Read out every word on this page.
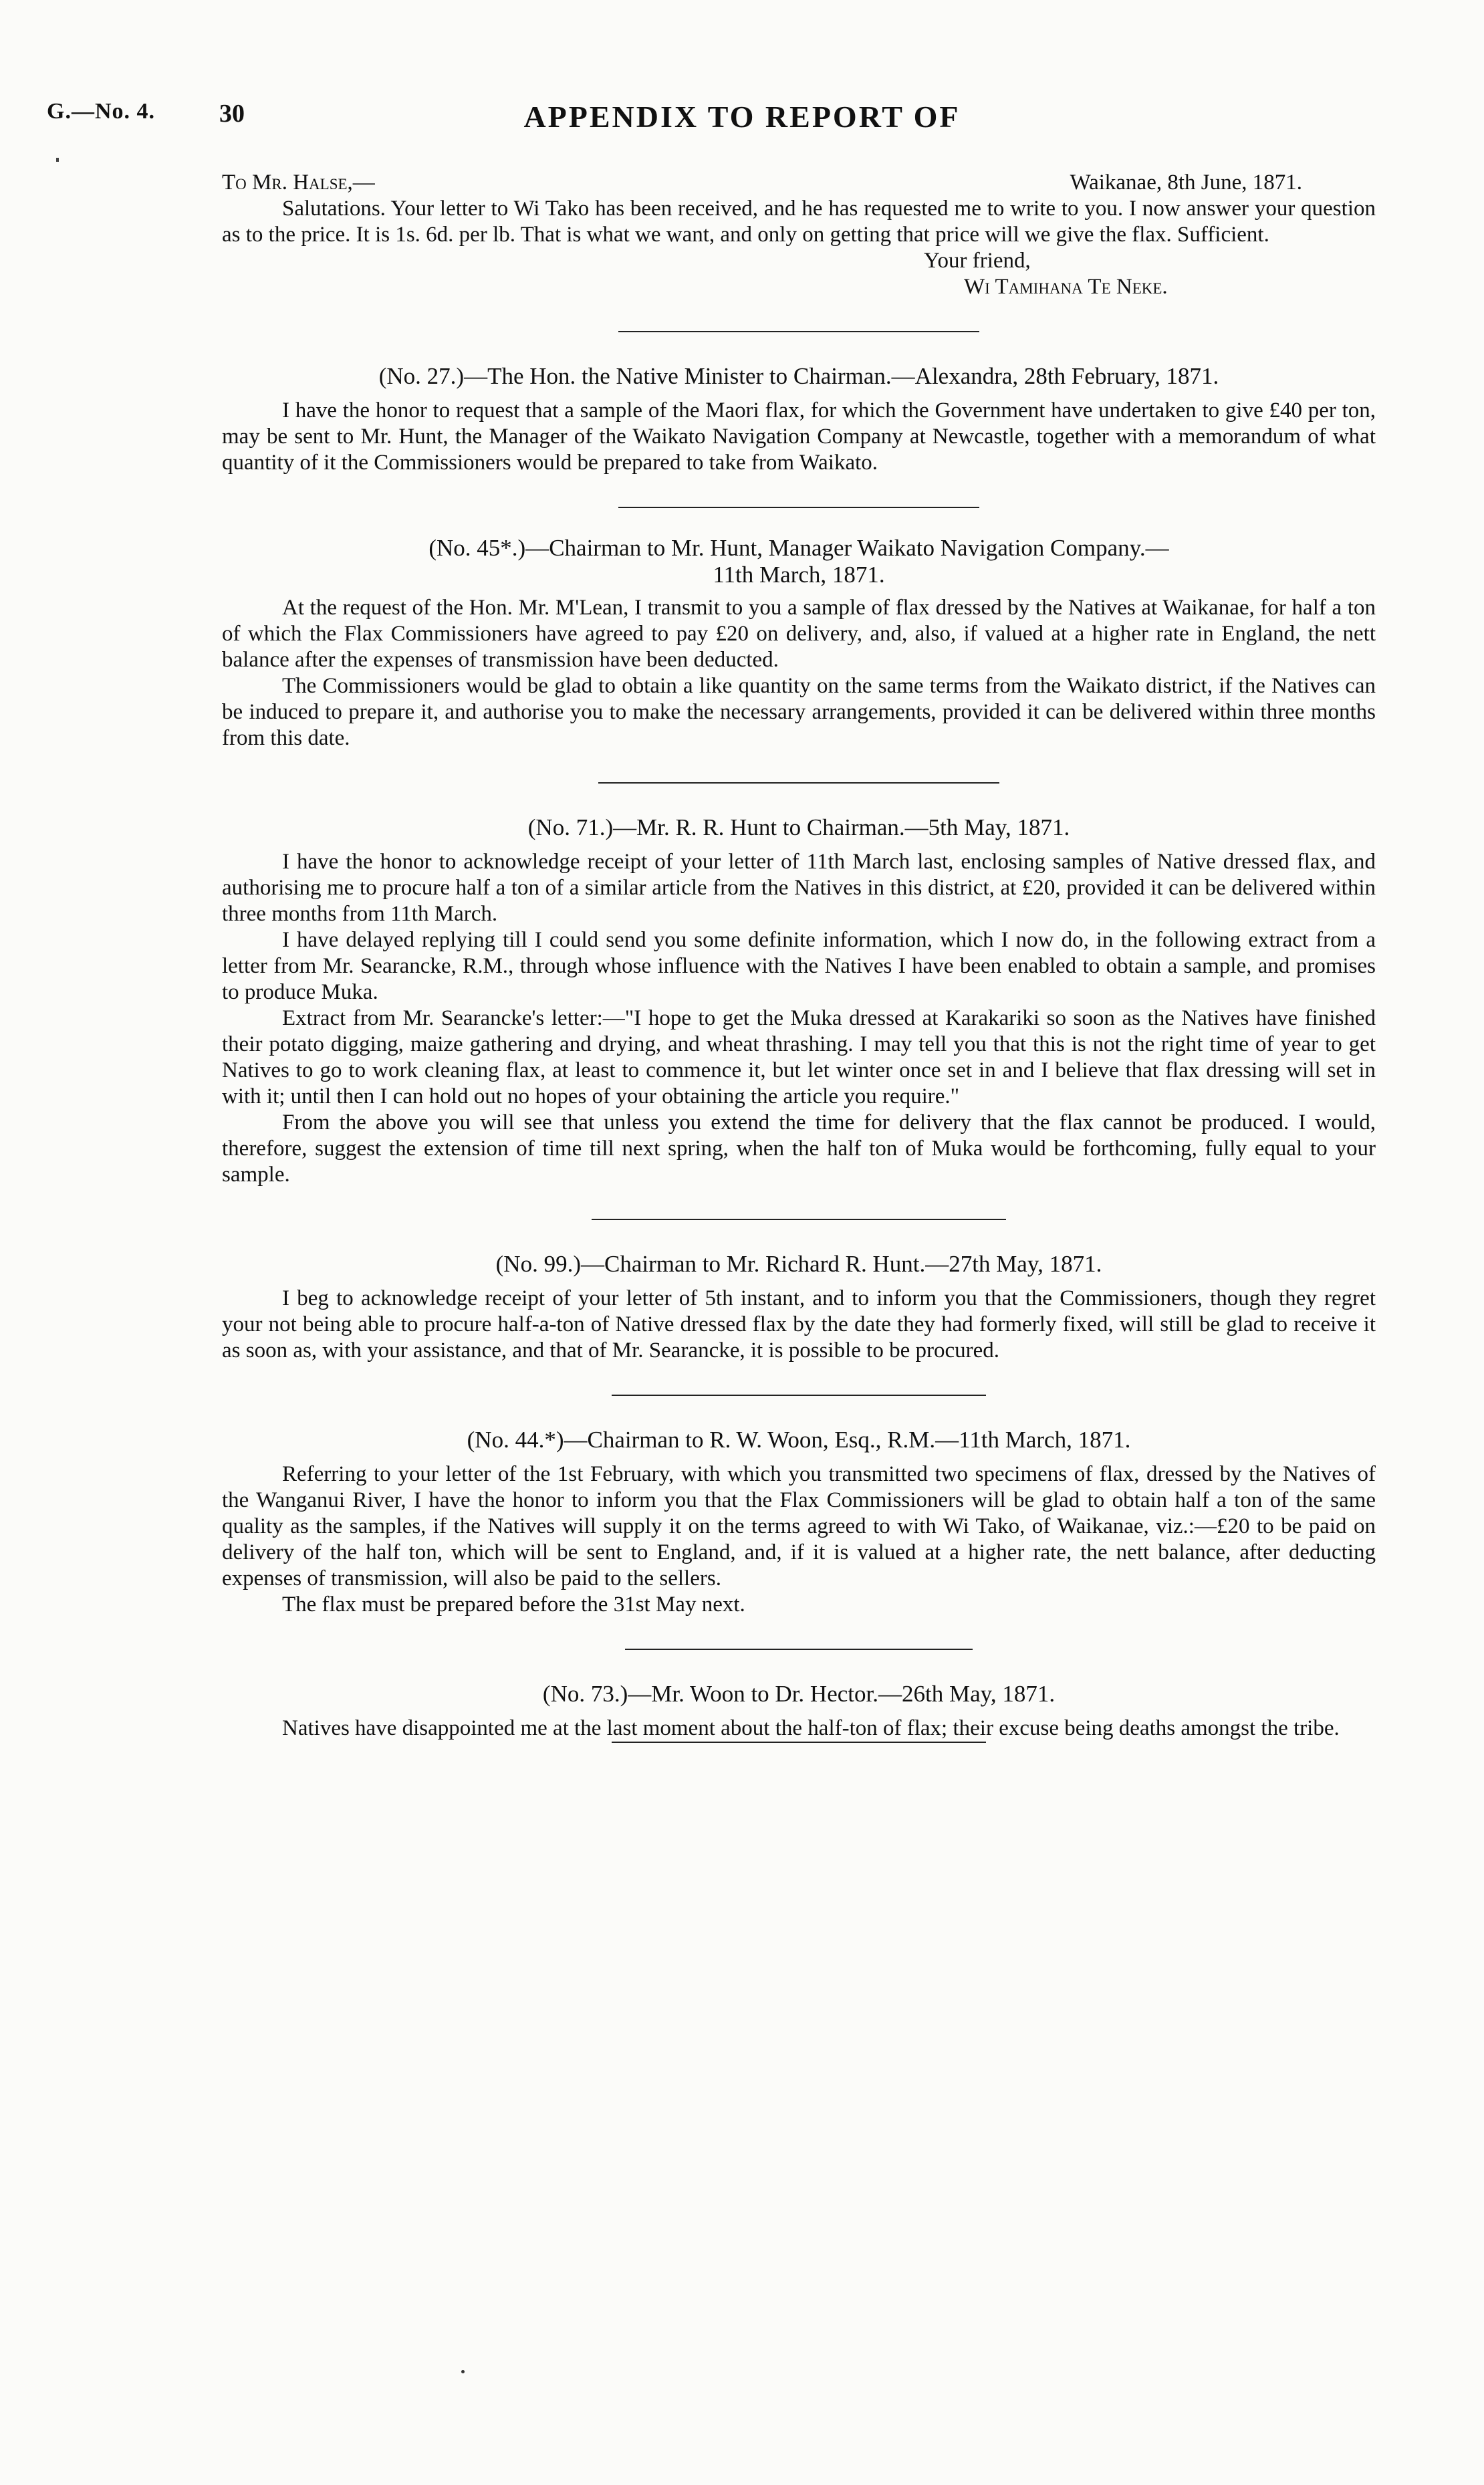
G.—No. 4.	30	APPENDIX TO REPORT OF
To Mr. Halse,—	Waikanae, 8th June, 1871.

Salutations. Your letter to Wi Tako has been received, and he has requested me to write to you. I now answer your question as to the price. It is 1s. 6d. per lb. That is what we want, and only on getting that price will we give the flax. Sufficient.

Your friend,
Wi Tamihana Te Neke.
(No. 27.)—The Hon. the Native Minister to Chairman.—Alexandra, 28th February, 1871.

I have the honor to request that a sample of the Maori flax, for which the Government have undertaken to give £40 per ton, may be sent to Mr. Hunt, the Manager of the Waikato Navigation Company at Newcastle, together with a memorandum of what quantity of it the Commissioners would be prepared to take from Waikato.

(No. 45*.)—Chairman to Mr. Hunt, Manager Waikato Navigation Company.—
11th March, 1871.

At the request of the Hon. Mr. M'Lean, I transmit to you a sample of flax dressed by the Natives at Waikanae, for half a ton of which the Flax Commissioners have agreed to pay £20 on delivery, and, also, if valued at a higher rate in England, the nett balance after the expenses of transmission have been deducted.

The Commissioners would be glad to obtain a like quantity on the same terms from the Waikato district, if the Natives can be induced to prepare it, and authorise you to make the necessary arrangements, provided it can be delivered within three months from this date.

(No. 71.)—Mr. R. R. Hunt to Chairman.—5th May, 1871.

I have the honor to acknowledge receipt of your letter of 11th March last, enclosing samples of Native dressed flax, and authorising me to procure half a ton of a similar article from the Natives in this district, at £20, provided it can be delivered within three months from 11th March.

I have delayed replying till I could send you some definite information, which I now do, in the following extract from a letter from Mr. Searancke, R.M., through whose influence with the Natives I have been enabled to obtain a sample, and promises to produce Muka.

Extract from Mr. Searancke's letter:—"I hope to get the Muka dressed at Karakariki so soon as the Natives have finished their potato digging, maize gathering and drying, and wheat thrashing. I may tell you that this is not the right time of year to get Natives to go to work cleaning flax, at least to commence it, but let winter once set in and I believe that flax dressing will set in with it; until then I can hold out no hopes of your obtaining the article you require."

From the above you will see that unless you extend the time for delivery that the flax cannot be produced. I would, therefore, suggest the extension of time till next spring, when the half ton of Muka would be forthcoming, fully equal to your sample.

(No. 99.)—Chairman to Mr. Richard R. Hunt.—27th May, 1871.

I beg to acknowledge receipt of your letter of 5th instant, and to inform you that the Commissioners, though they regret your not being able to procure half-a-ton of Native dressed flax by the date they had formerly fixed, will still be glad to receive it as soon as, with your assistance, and that of Mr. Searancke, it is possible to be procured.

(No. 44.*)—Chairman to R. W. Woon, Esq., R.M.—11th March, 1871.

Referring to your letter of the 1st February, with which you transmitted two specimens of flax, dressed by the Natives of the Wanganui River, I have the honor to inform you that the Flax Commissioners will be glad to obtain half a ton of the same quality as the samples, if the Natives will supply it on the terms agreed to with Wi Tako, of Waikanae, viz.:—£20 to be paid on delivery of the half ton, which will be sent to England, and, if it is valued at a higher rate, the nett balance, after deducting expenses of transmission, will also be paid to the sellers.

The flax must be prepared before the 31st May next.

(No. 73.)—Mr. Woon to Dr. Hector.—26th May, 1871.

Natives have disappointed me at the last moment about the half-ton of flax; their excuse being deaths amongst the tribe.
